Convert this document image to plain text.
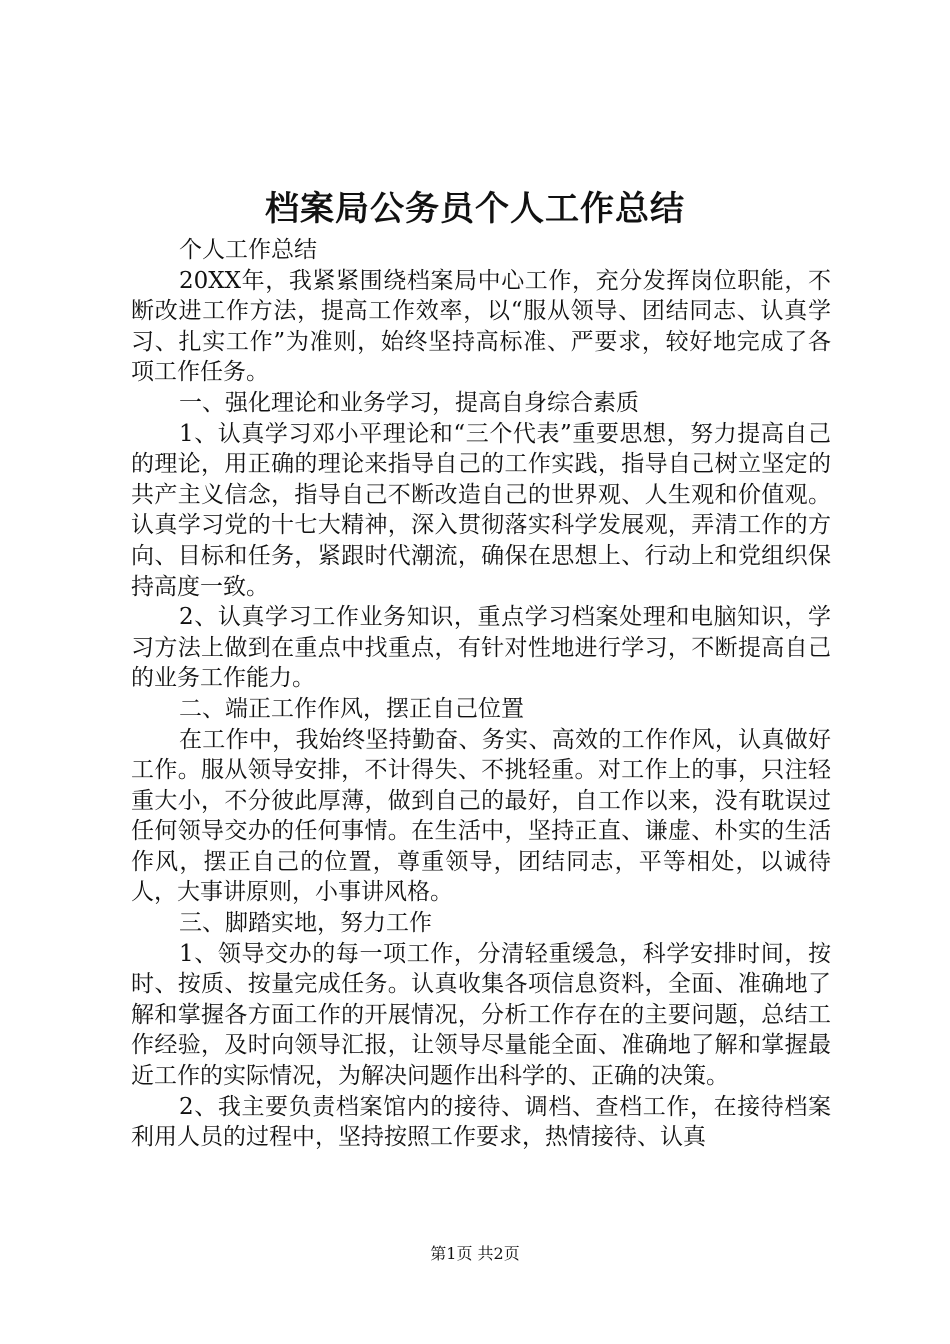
档案局公务员个人工作总结

个人工作总结

20XX年，我紧紧围绕档案局中心工作，充分发挥岗位职能，不断改进工作方法，提高工作效率，以“服从领导、团结同志、认真学习、扎实工作”为准则，始终坚持高标准、严要求，较好地完成了各项工作任务。

一、强化理论和业务学习，提高自身综合素质

1、认真学习邓小平理论和“三个代表”重要思想，努力提高自己的理论，用正确的理论来指导自己的工作实践，指导自己树立坚定的共产主义信念，指导自己不断改造自己的世界观、人生观和价值观。认真学习党的十七大精神，深入贯彻落实科学发展观，弄清工作的方向、目标和任务，紧跟时代潮流，确保在思想上、行动上和党组织保持高度一致。

2、认真学习工作业务知识，重点学习档案处理和电脑知识，学习方法上做到在重点中找重点，有针对性地进行学习，不断提高自己的业务工作能力。

二、端正工作作风，摆正自己位置

在工作中，我始终坚持勤奋、务实、高效的工作作风，认真做好工作。服从领导安排，不计得失、不挑轻重。对工作上的事，只注轻重大小，不分彼此厚薄，做到自己的最好，自工作以来，没有耽误过任何领导交办的任何事情。在生活中，坚持正直、谦虚、朴实的生活作风，摆正自己的位置，尊重领导，团结同志，平等相处，以诚待人，大事讲原则，小事讲风格。

三、脚踏实地，努力工作

1、领导交办的每一项工作，分清轻重缓急，科学安排时间，按时、按质、按量完成任务。认真收集各项信息资料，全面、准确地了解和掌握各方面工作的开展情况，分析工作存在的主要问题，总结工作经验，及时向领导汇报，让领导尽量能全面、准确地了解和掌握最近工作的实际情况，为解决问题作出科学的、正确的决策。

2、我主要负责档案馆内的接待、调档、查档工作，在接待档案利用人员的过程中，坚持按照工作要求，热情接待、认真

第1页 共2页
